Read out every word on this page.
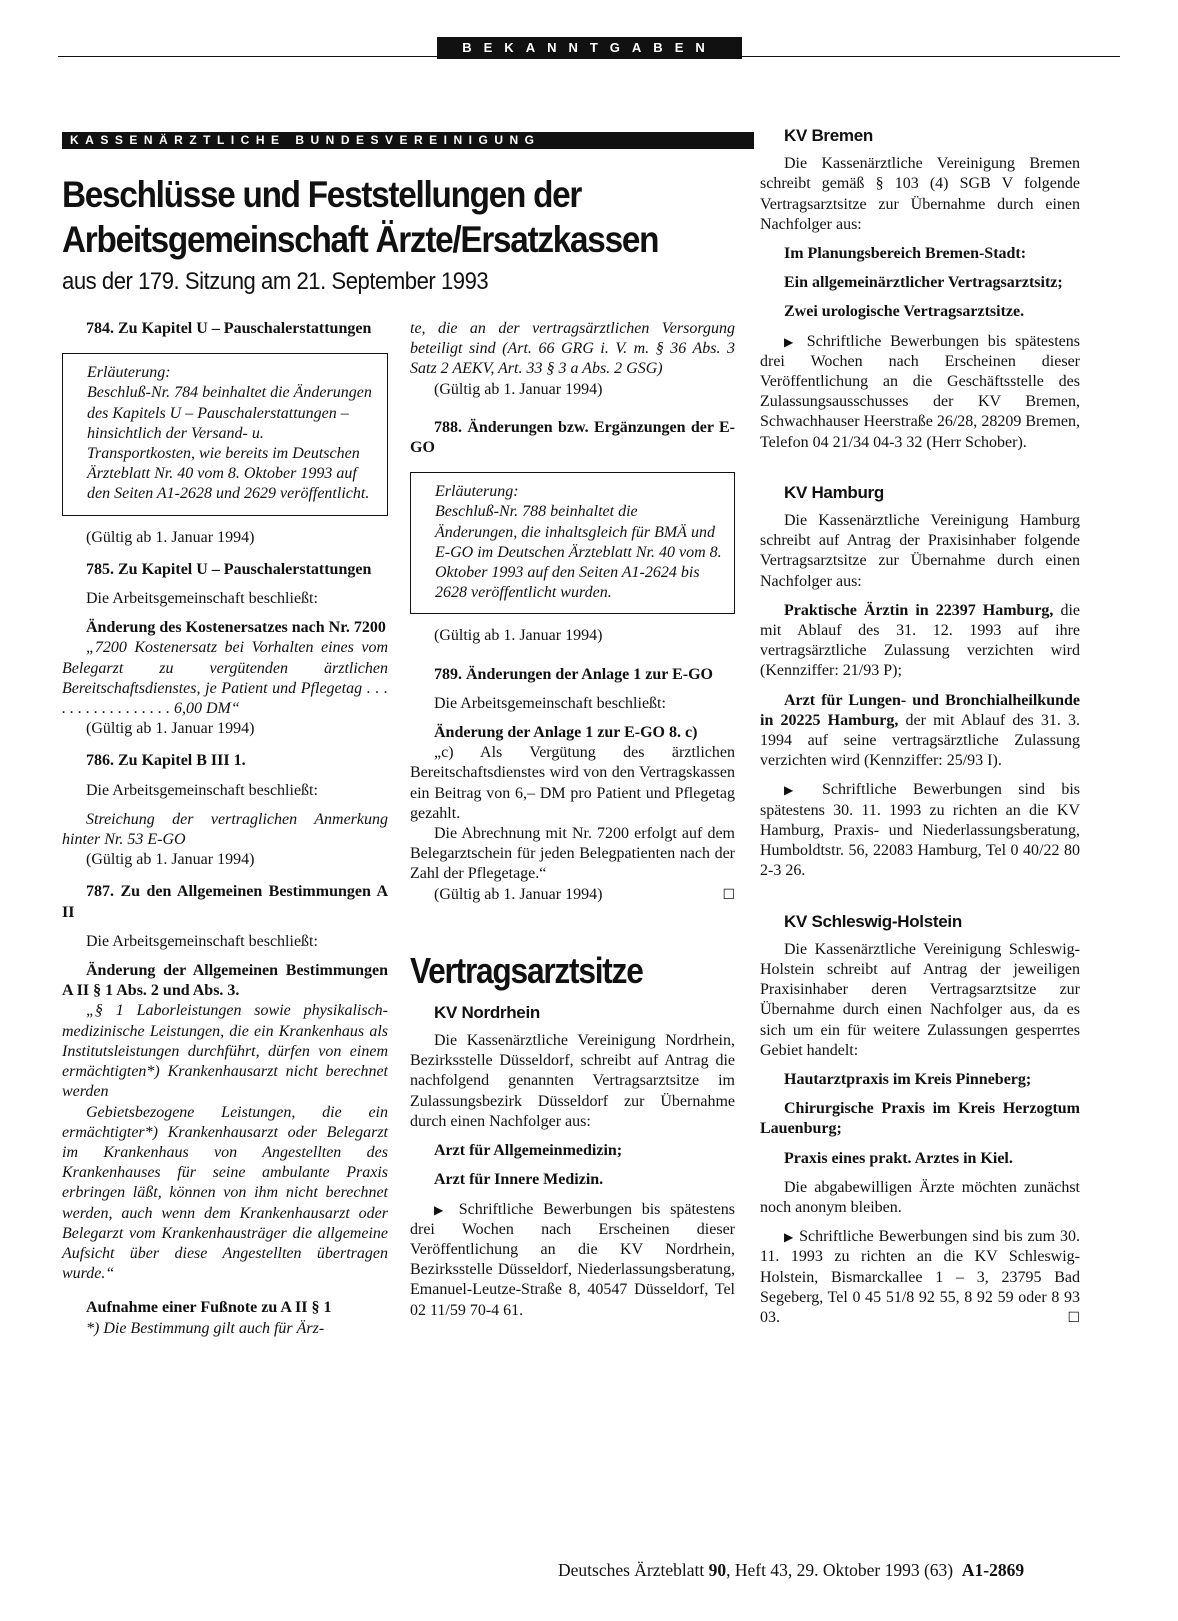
BEKANNTGABEN
KASSENÄRZTLICHE BUNDESVEREINIGUNG
Beschlüsse und Feststellungen der
Arbeitsgemeinschaft Ärzte/Ersatzkassen
aus der 179. Sitzung am 21. September 1993

784. Zu Kapitel U – Pauschalerstattungen

Erläuterung:
Beschluß-Nr. 784 beinhaltet die Änderungen des Kapitels U – Pauschalerstattungen – hinsichtlich der Versand- u. Transportkosten, wie bereits im Deutschen Ärzteblatt Nr. 40 vom 8. Oktober 1993 auf den Seiten A1-2628 und 2629 veröffentlicht.

(Gültig ab 1. Januar 1994)

785. Zu Kapitel U – Pauschalerstattungen

Die Arbeitsgemeinschaft beschließt:

Änderung des Kostenersatzes nach Nr. 7200

„7200 Kostenersatz bei Vorhalten eines vom Belegarzt zu vergütenden ärztlichen Bereitschaftsdienstes, je Patient und Pflegetag . . . . . . . . . . . . . . . . . 6,00 DM“

(Gültig ab 1. Januar 1994)

786. Zu Kapitel B III 1.

Die Arbeitsgemeinschaft beschließt:

Streichung der vertraglichen Anmerkung hinter Nr. 53 E-GO

(Gültig ab 1. Januar 1994)

787. Zu den Allgemeinen Bestimmungen A II

Die Arbeitsgemeinschaft beschließt:

Änderung der Allgemeinen Bestimmungen A II § 1 Abs. 2 und Abs. 3.

„§ 1 Laborleistungen sowie physikalisch-medizinische Leistungen, die ein Krankenhaus als Institutsleistungen durchführt, dürfen von einem ermächtigten*) Krankenhausarzt nicht berechnet werden

Gebietsbezogene Leistungen, die ein ermächtigter*) Krankenhausarzt oder Belegarzt im Krankenhaus von Angestellten des Krankenhauses für seine ambulante Praxis erbringen läßt, können von ihm nicht berechnet werden, auch wenn dem Krankenhausarzt oder Belegarzt vom Krankenhausträger die allgemeine Aufsicht über diese Angestellten übertragen wurde.“

Aufnahme einer Fußnote zu A II § 1

*) Die Bestimmung gilt auch für Ärz-

te, die an der vertragsärztlichen Versorgung beteiligt sind (Art. 66 GRG i. V. m. § 36 Abs. 3 Satz 2 AEKV, Art. 33 § 3 a Abs. 2 GSG)

(Gültig ab 1. Januar 1994)

788. Änderungen bzw. Ergänzungen der E-GO

Erläuterung:
Beschluß-Nr. 788 beinhaltet die Änderungen, die inhaltsgleich für BMÄ und E-GO im Deutschen Ärzteblatt Nr. 40 vom 8. Oktober 1993 auf den Seiten A1-2624 bis 2628 veröffentlicht wurden.

(Gültig ab 1. Januar 1994)

789. Änderungen der Anlage 1 zur E-GO

Die Arbeitsgemeinschaft beschließt:

Änderung der Anlage 1 zur E-GO 8. c)

„c) Als Vergütung des ärztlichen Bereitschaftsdienstes wird von den Vertragskassen ein Beitrag von 6,– DM pro Patient und Pflegetag gezahlt.

Die Abrechnung mit Nr. 7200 erfolgt auf dem Belegarztschein für jeden Belegpatienten nach der Zahl der Pflegetage.“

(Gültig ab 1. Januar 1994)	☐

Vertragsarztsitze

KV Nordrhein

Die Kassenärztliche Vereinigung Nordrhein, Bezirksstelle Düsseldorf, schreibt auf Antrag die nachfolgend genannten Vertragsarztsitze im Zulassungsbezirk Düsseldorf zur Übernahme durch einen Nachfolger aus:

Arzt für Allgemeinmedizin;

Arzt für Innere Medizin.

▶ Schriftliche Bewerbungen bis spätestens drei Wochen nach Erscheinen dieser Veröffentlichung an die KV Nordrhein, Bezirksstelle Düsseldorf, Niederlassungsberatung, Emanuel-Leutze-Straße 8, 40547 Düsseldorf, Tel 02 11/59 70-4 61.

KV Bremen

Die Kassenärztliche Vereinigung Bremen schreibt gemäß § 103 (4) SGB V folgende Vertragsarztsitze zur Übernahme durch einen Nachfolger aus:

Im Planungsbereich Bremen-Stadt:

Ein allgemeinärztlicher Vertragsarztsitz;

Zwei urologische Vertragsarztsitze.

▶ Schriftliche Bewerbungen bis spätestens drei Wochen nach Erscheinen dieser Veröffentlichung an die Geschäftsstelle des Zulassungsausschusses der KV Bremen, Schwachhauser Heerstraße 26/28, 28209 Bremen, Telefon 04 21/34 04-3 32 (Herr Schober).

KV Hamburg

Die Kassenärztliche Vereinigung Hamburg schreibt auf Antrag der Praxisinhaber folgende Vertragsarztsitze zur Übernahme durch einen Nachfolger aus:

Praktische Ärztin in 22397 Hamburg, die mit Ablauf des 31. 12. 1993 auf ihre vertragsärztliche Zulassung verzichten wird (Kennziffer: 21/93 P);

Arzt für Lungen- und Bronchialheilkunde in 20225 Hamburg, der mit Ablauf des 31. 3. 1994 auf seine vertragsärztliche Zulassung verzichten wird (Kennziffer: 25/93 I).

▶ Schriftliche Bewerbungen sind bis spätestens 30. 11. 1993 zu richten an die KV Hamburg, Praxis- und Niederlassungsberatung, Humboldtstr. 56, 22083 Hamburg, Tel 0 40/22 80 2-3 26.

KV Schleswig-Holstein

Die Kassenärztliche Vereinigung Schleswig-Holstein schreibt auf Antrag der jeweiligen Praxisinhaber deren Vertragsarztsitze zur Übernahme durch einen Nachfolger aus, da es sich um ein für weitere Zulassungen gesperrtes Gebiet handelt:

Hautarztpraxis im Kreis Pinneberg;

Chirurgische Praxis im Kreis Herzogtum Lauenburg;

Praxis eines prakt. Arztes in Kiel.

Die abgabewilligen Ärzte möchten zunächst noch anonym bleiben.

▶ Schriftliche Bewerbungen sind bis zum 30. 11. 1993 zu richten an die KV Schleswig-Holstein, Bismarckallee 1 – 3, 23795 Bad Segeberg, Tel 0 45 51/8 92 55, 8 92 59 oder 8 93 03.	☐

Deutsches Ärzteblatt 90, Heft 43, 29. Oktober 1993 (63) A1-2869
